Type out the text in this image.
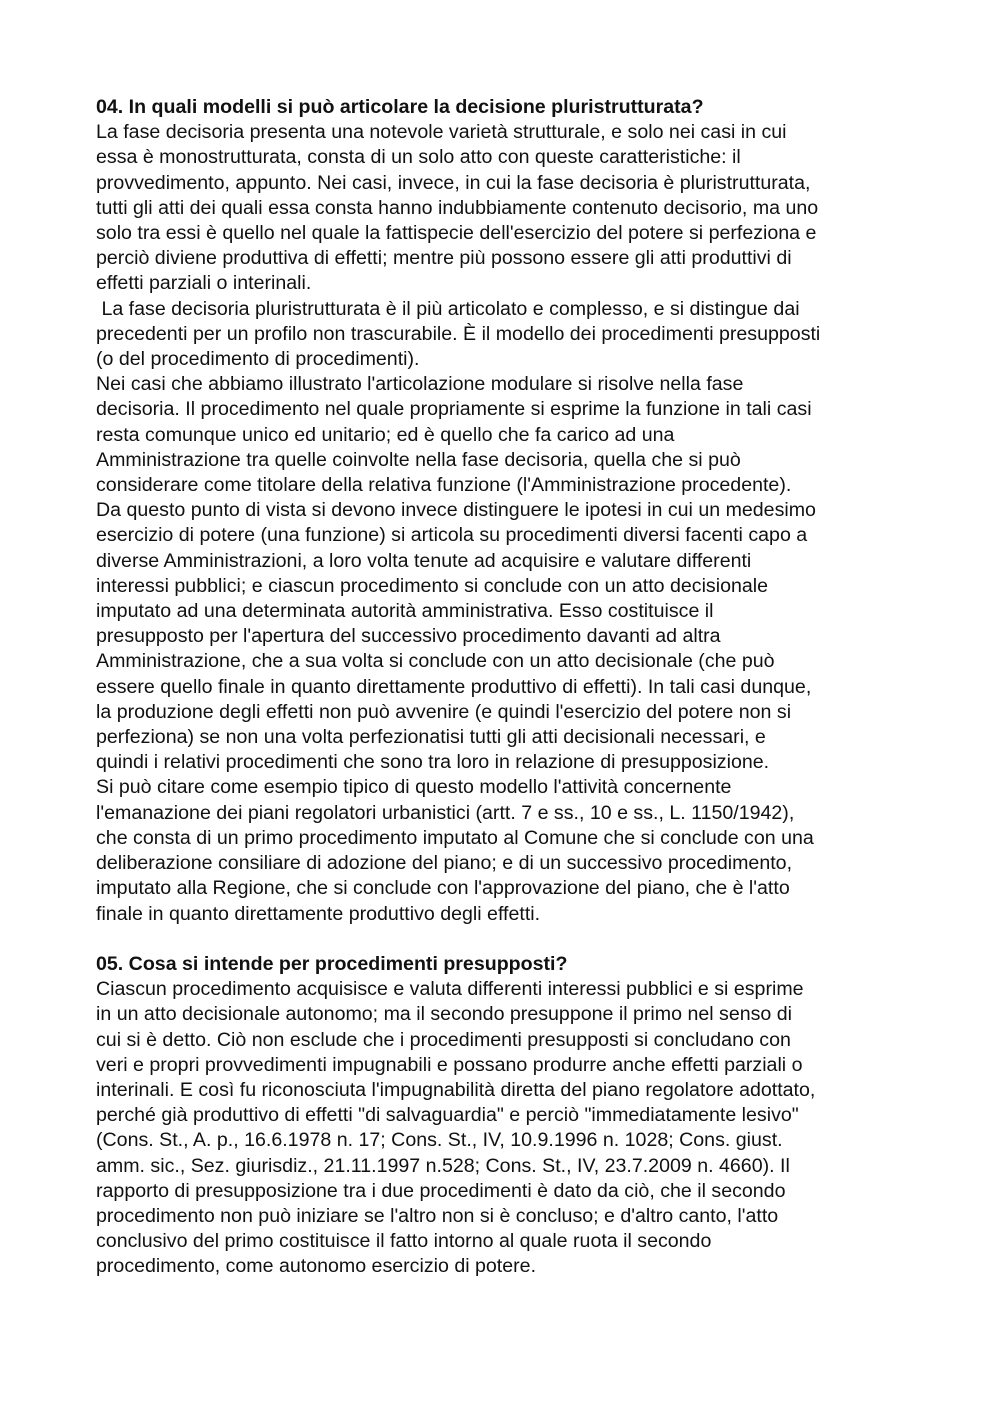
04. In quali modelli si può articolare la decisione pluristrutturata?
La fase decisoria presenta una notevole varietà strutturale, e solo nei casi in cui
essa è monostrutturata, consta di un solo atto con queste caratteristiche: il
provvedimento, appunto. Nei casi, invece, in cui la fase decisoria è pluristrutturata,
tutti gli atti dei quali essa consta hanno indubbiamente contenuto decisorio, ma uno
solo tra essi è quello nel quale la fattispecie dell'esercizio del potere si perfeziona e
perciò diviene produttiva di effetti; mentre più possono essere gli atti produttivi di
effetti parziali o interinali.
La fase decisoria pluristrutturata è il più articolato e complesso, e si distingue dai
precedenti per un profilo non trascurabile. È il modello dei procedimenti presupposti
(o del procedimento di procedimenti).
Nei casi che abbiamo illustrato l'articolazione modulare si risolve nella fase
decisoria. Il procedimento nel quale propriamente si esprime la funzione in tali casi
resta comunque unico ed unitario; ed è quello che fa carico ad una
Amministrazione tra quelle coinvolte nella fase decisoria, quella che si può
considerare come titolare della relativa funzione (l'Amministrazione procedente).
Da questo punto di vista si devono invece distinguere le ipotesi in cui un medesimo
esercizio di potere (una funzione) si articola su procedimenti diversi facenti capo a
diverse Amministrazioni, a loro volta tenute ad acquisire e valutare differenti
interessi pubblici; e ciascun procedimento si conclude con un atto decisionale
imputato ad una determinata autorità amministrativa. Esso costituisce il
presupposto per l'apertura del successivo procedimento davanti ad altra
Amministrazione, che a sua volta si conclude con un atto decisionale (che può
essere quello finale in quanto direttamente produttivo di effetti). In tali casi dunque,
la produzione degli effetti non può avvenire (e quindi l'esercizio del potere non si
perfeziona) se non una volta perfezionatisi tutti gli atti decisionali necessari, e
quindi i relativi procedimenti che sono tra loro in relazione di presupposizione.
Si può citare come esempio tipico di questo modello l'attività concernente
l'emanazione dei piani regolatori urbanistici (artt. 7 e ss., 10 e ss., L. 1150/1942),
che consta di un primo procedimento imputato al Comune che si conclude con una
deliberazione consiliare di adozione del piano; e di un successivo procedimento,
imputato alla Regione, che si conclude con l'approvazione del piano, che è l'atto
finale in quanto direttamente produttivo degli effetti.
05. Cosa si intende per procedimenti presupposti?
Ciascun procedimento acquisisce e valuta differenti interessi pubblici e si esprime
in un atto decisionale autonomo; ma il secondo presuppone il primo nel senso di
cui si è detto. Ciò non esclude che i procedimenti presupposti si concludano con
veri e propri provvedimenti impugnabili e possano produrre anche effetti parziali o
interinali. E così fu riconosciuta l'impugnabilità diretta del piano regolatore adottato,
perché già produttivo di effetti "di salvaguardia" e perciò "immediatamente lesivo"
(Cons. St., A. p., 16.6.1978 n. 17; Cons. St., IV, 10.9.1996 n. 1028; Cons. giust.
amm. sic., Sez. giurisdiz., 21.11.1997 n.528; Cons. St., IV, 23.7.2009 n. 4660). Il
rapporto di presupposizione tra i due procedimenti è dato da ciò, che il secondo
procedimento non può iniziare se l'altro non si è concluso; e d'altro canto, l'atto
conclusivo del primo costituisce il fatto intorno al quale ruota il secondo
procedimento, come autonomo esercizio di potere.
